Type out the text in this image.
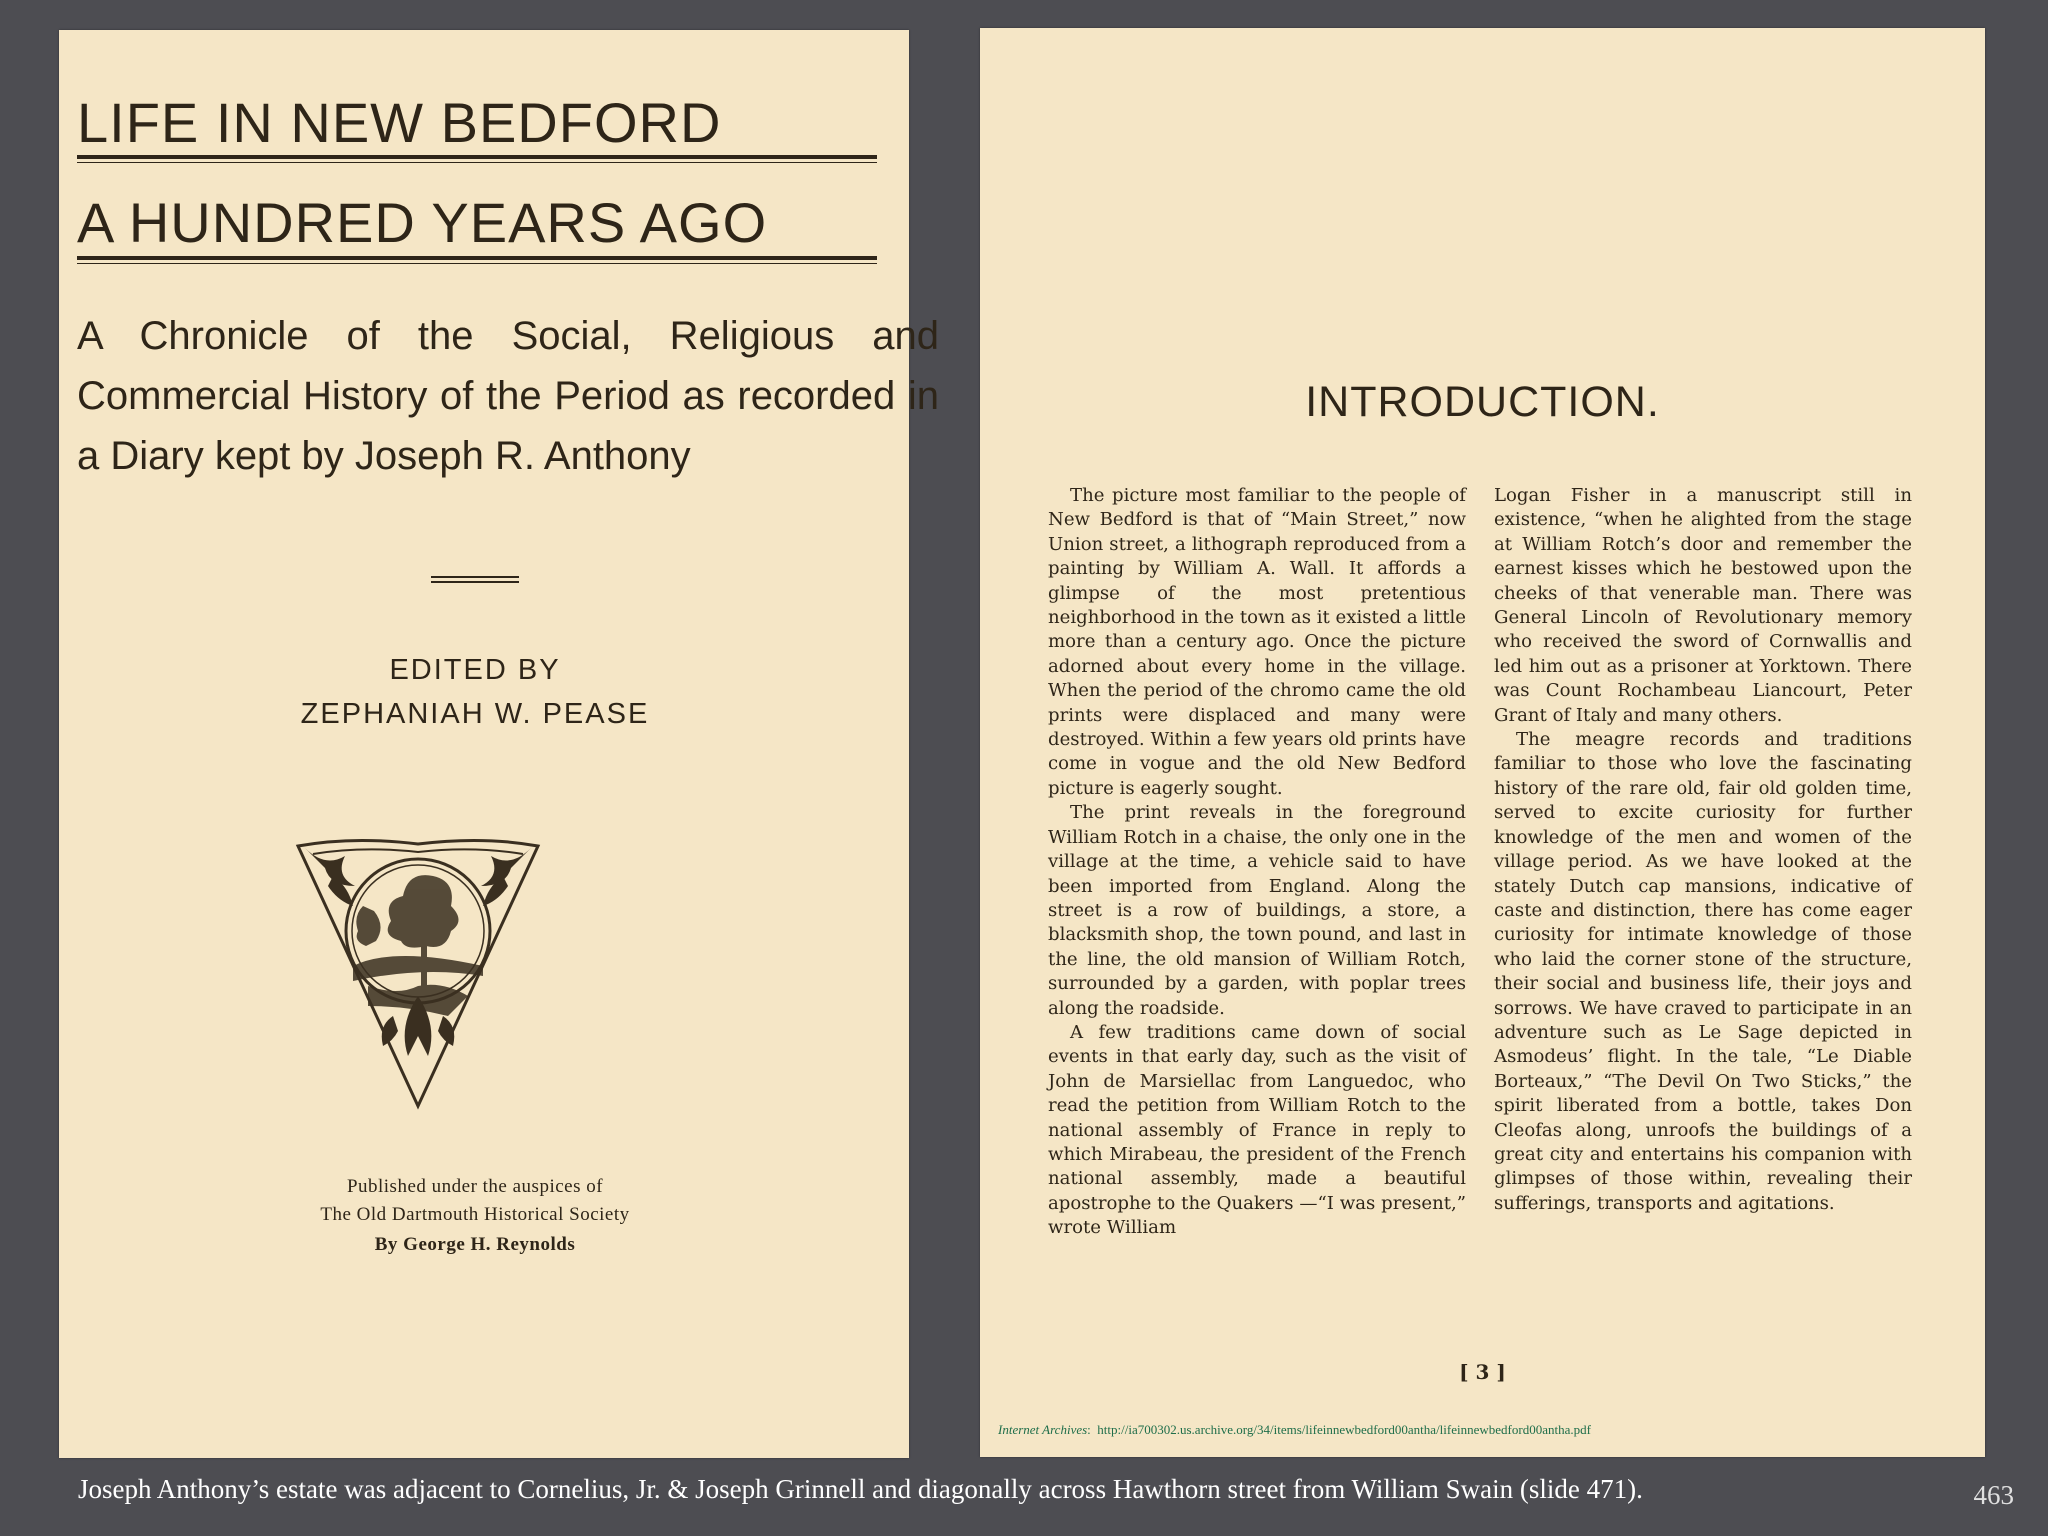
LIFE IN NEW BEDFORD
A HUNDRED YEARS AGO
A Chronicle of the Social, Religious and Commercial History of the Period as recorded in a Diary kept by Joseph R. Anthony
EDITED BY
ZEPHANIAH W. PEASE
Published under the auspices of
The Old Dartmouth Historical Society
By George H. Reynolds
INTRODUCTION.

The picture most familiar to the people of New Bedford is that of “Main Street,” now Union street, a lithograph reproduced from a painting by William A. Wall. It affords a glimpse of the most pretentious neighborhood in the town as it existed a little more than a century ago. Once the picture adorned about every home in the village. When the period of the chromo came the old prints were displaced and many were destroyed. Within a few years old prints have come in vogue and the old New Bedford picture is eagerly sought.

The print reveals in the foreground William Rotch in a chaise, the only one in the village at the time, a vehicle said to have been imported from England. Along the street is a row of buildings, a store, a blacksmith shop, the town pound, and last in the line, the old mansion of William Rotch, surrounded by a garden, with poplar trees along the roadside.

A few traditions came down of social events in that early day, such as the visit of John de Marsiellac from Languedoc, who read the petition from William Rotch to the national assembly of France in reply to which Mirabeau, the president of the French national assembly, made a beautiful apostrophe to the Quakers —“I was present,” wrote William

Logan Fisher in a manuscript still in existence, “when he alighted from the stage at William Rotch’s door and remember the earnest kisses which he bestowed upon the cheeks of that venerable man. There was General Lincoln of Revolutionary memory who received the sword of Cornwallis and led him out as a prisoner at Yorktown. There was Count Rochambeau Liancourt, Peter Grant of Italy and many others.

The meagre records and traditions familiar to those who love the fascinating history of the rare old, fair old golden time, served to excite curiosity for further knowledge of the men and women of the village period. As we have looked at the stately Dutch cap mansions, indicative of caste and distinction, there has come eager curiosity for intimate knowledge of those who laid the corner stone of the structure, their social and business life, their joys and sorrows. We have craved to participate in an adventure such as Le Sage depicted in Asmodeus’ flight. In the tale, “Le Diable Borteaux,” “The Devil On Two Sticks,” the spirit liberated from a bottle, takes Don Cleofas along, unroofs the buildings of a great city and entertains his companion with glimpses of those within, revealing their sufferings, transports and agitations.

[ 3 ]
Internet Archives:  http://ia700302.us.archive.org/34/items/lifeinnewbedford00antha/lifeinnewbedford00antha.pdf
Joseph Anthony’s estate was adjacent to Cornelius, Jr. & Joseph Grinnell and diagonally across Hawthorn street from William Swain (slide 471).	463
